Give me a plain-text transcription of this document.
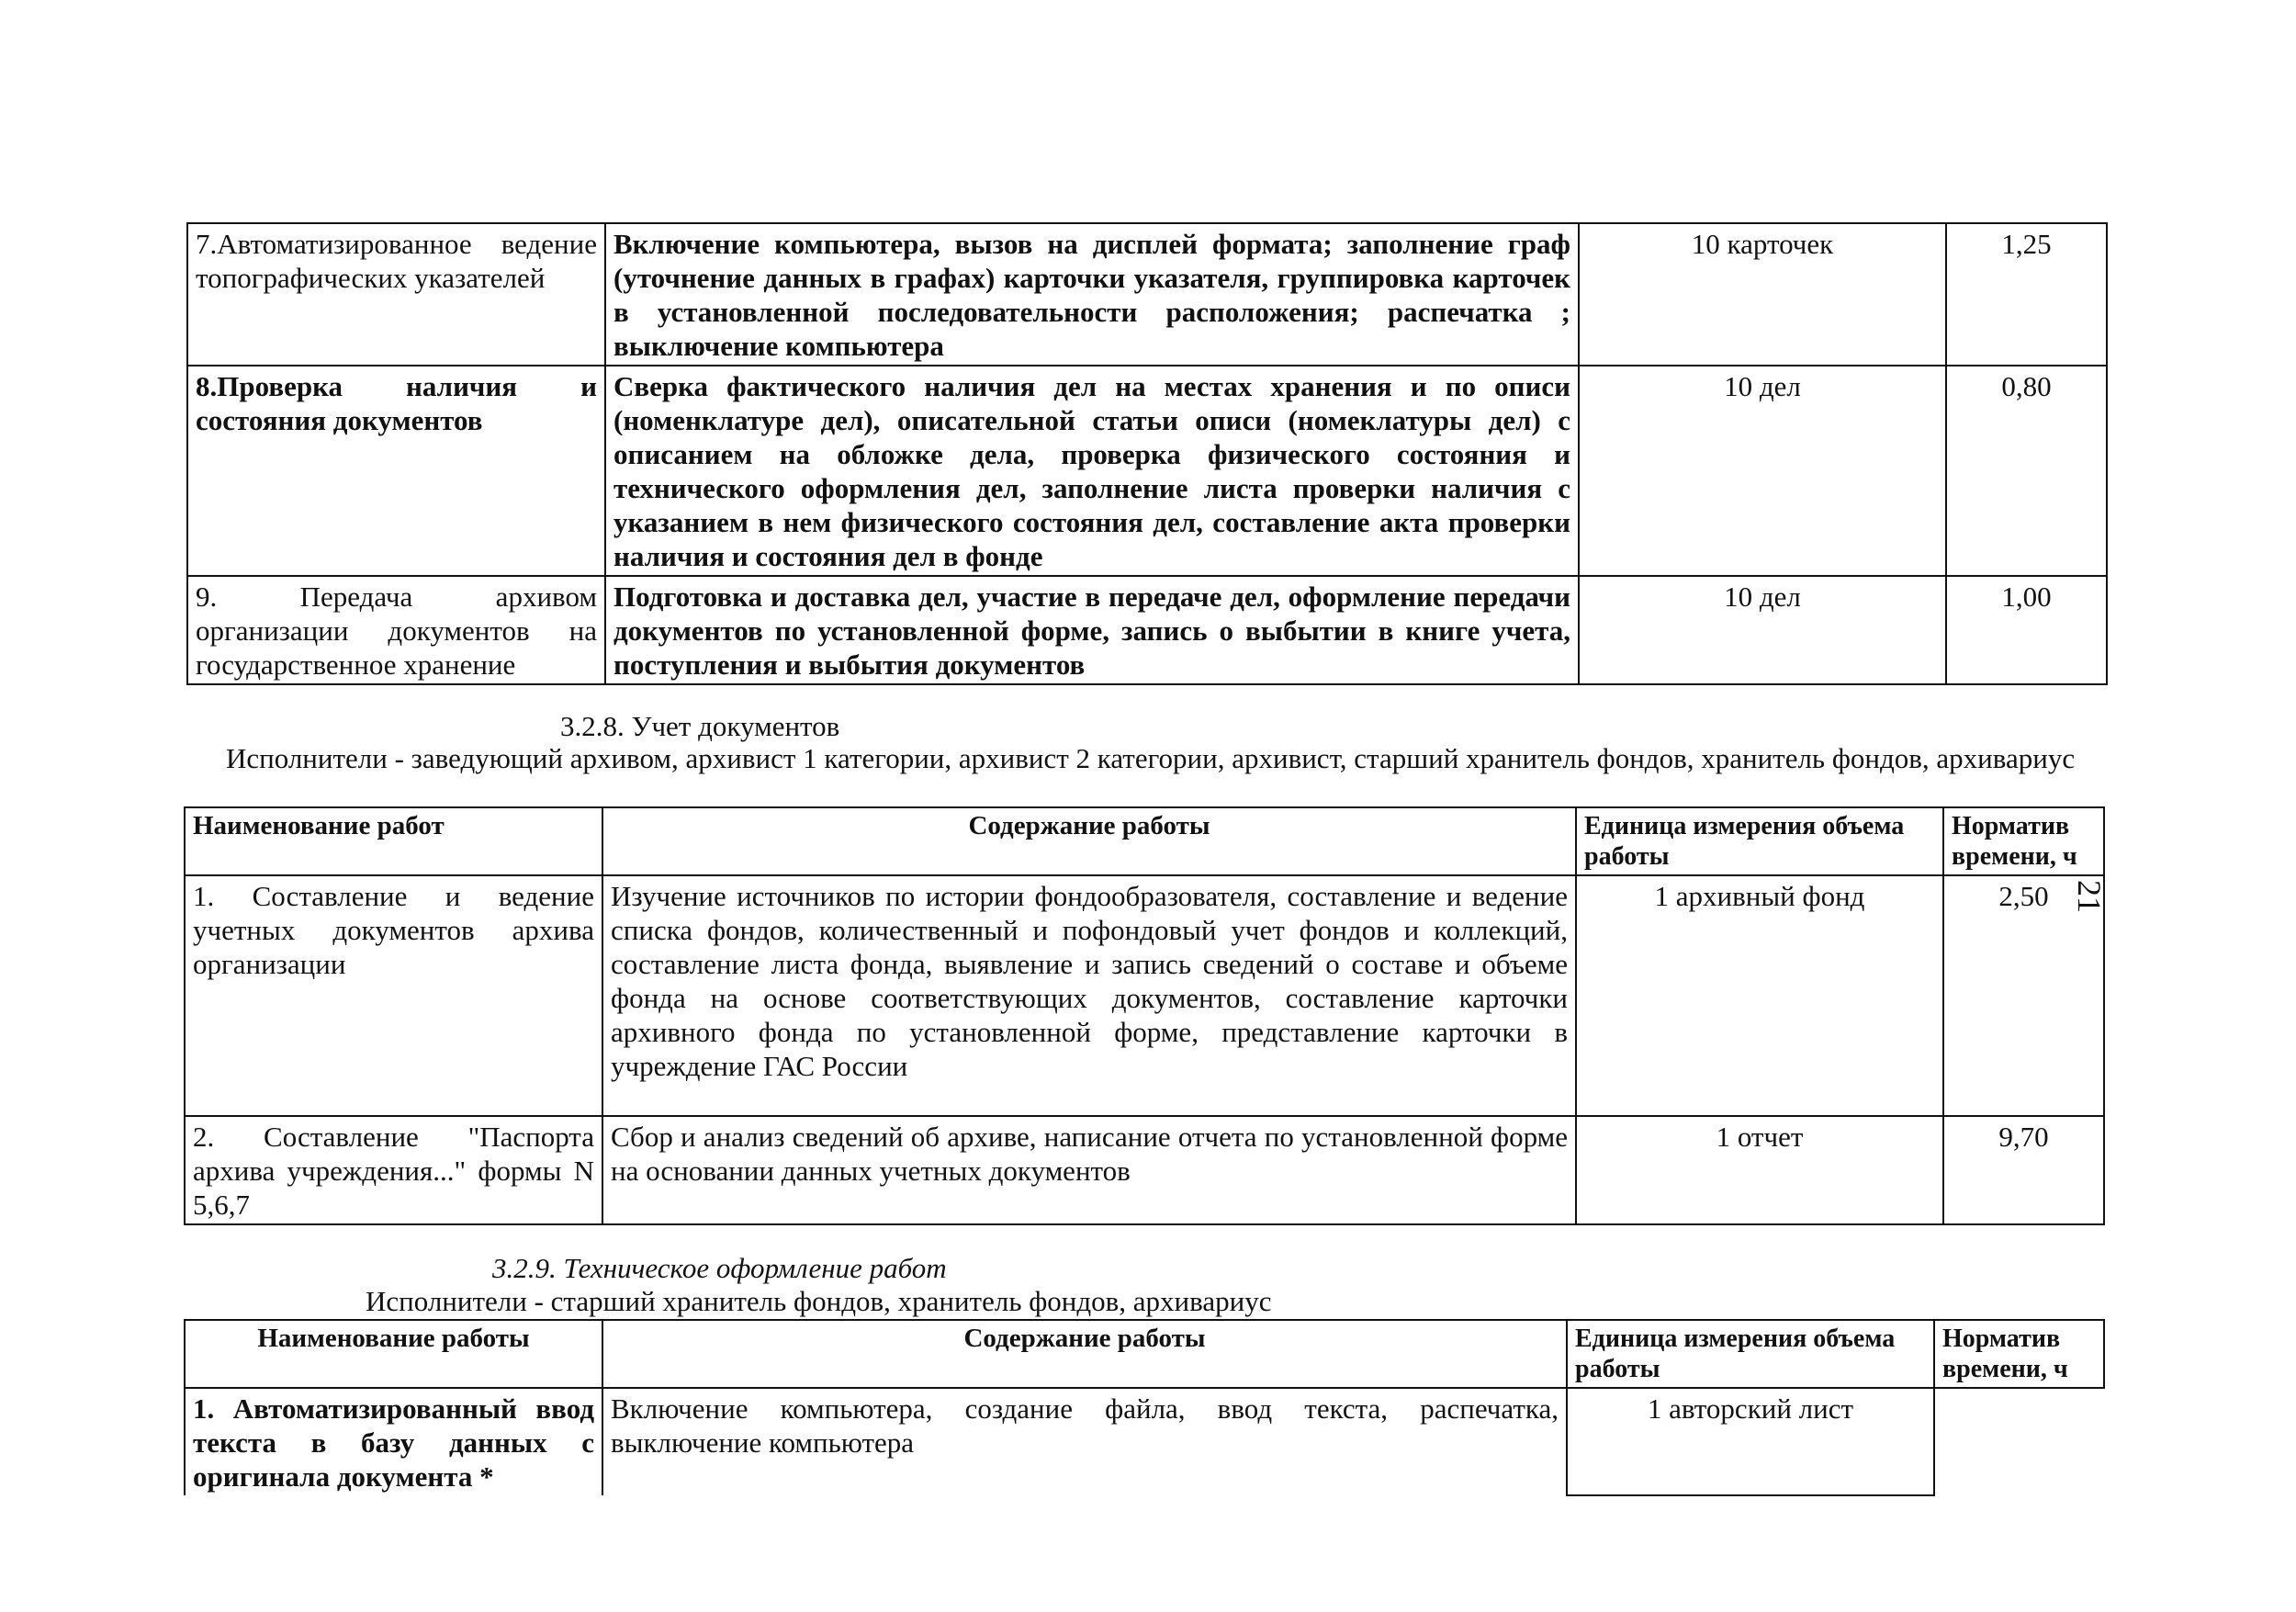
7.Автоматизированное ведение топографических указателей	Включение компьютера, вызов на дисплей формата; заполнение граф (уточнение данных в графах) карточки указателя, группировка карточек в установленной последовательности расположения; распечатка ; выключение компьютера	10 карточек	1,25
8.Проверка наличия и состояния документов	Сверка фактического наличия дел на местах хранения и по описи (номенклатуре дел), описательной статьи описи (номеклатуры дел) с описанием на обложке дела, проверка физического состояния и технического оформления дел, заполнение листа проверки наличия с указанием в нем физического состояния дел, составление акта проверки наличия и состояния дел в фонде	10 дел	0,80
9. Передача архивом организации документов на государственное хранение	Подготовка и доставка дел, участие в передаче дел, оформление передачи документов по установленной форме, запись о выбытии в книге учета, поступления и выбытия документов	10 дел	1,00
3.2.8. Учет документов
Исполнители - заведующий архивом, архивист 1 категории, архивист 2 категории, архивист, старший хранитель фондов, хранитель фондов, архивариус
Наименование работ	Содержание работы	Единица измерения объема работы	Норматив времени, ч
1. Составление и ведение учетных документов архива организации	Изучение источников по истории фондообразователя, составление и ведение списка фондов, количественный и пофондовый учет фондов и коллекций, составление листа фонда, выявление и запись сведений о составе и объеме фонда на основе соответствующих документов, составление карточки архивного фонда по установленной форме, представление карточки в учреждение ГАС России	1 архивный фонд	2,50
2. Составление "Паспорта архива учреждения..." формы N 5,6,7	Сбор и анализ сведений об архиве, написание отчета по установленной форме на основании данных учетных документов	1 отчет	9,70
21
3.2.9. Техническое оформление работ
Исполнители - старший хранитель фондов, хранитель фондов, архивариус
Наименование работы	Содержание работы	Единица измерения объема работы	Норматив времени, ч
1. Автоматизированный ввод текста в базу данных с оригинала документа *	Включение компьютера, создание файла, ввод текста, распечатка, выключение компьютера	1 авторский лист	
